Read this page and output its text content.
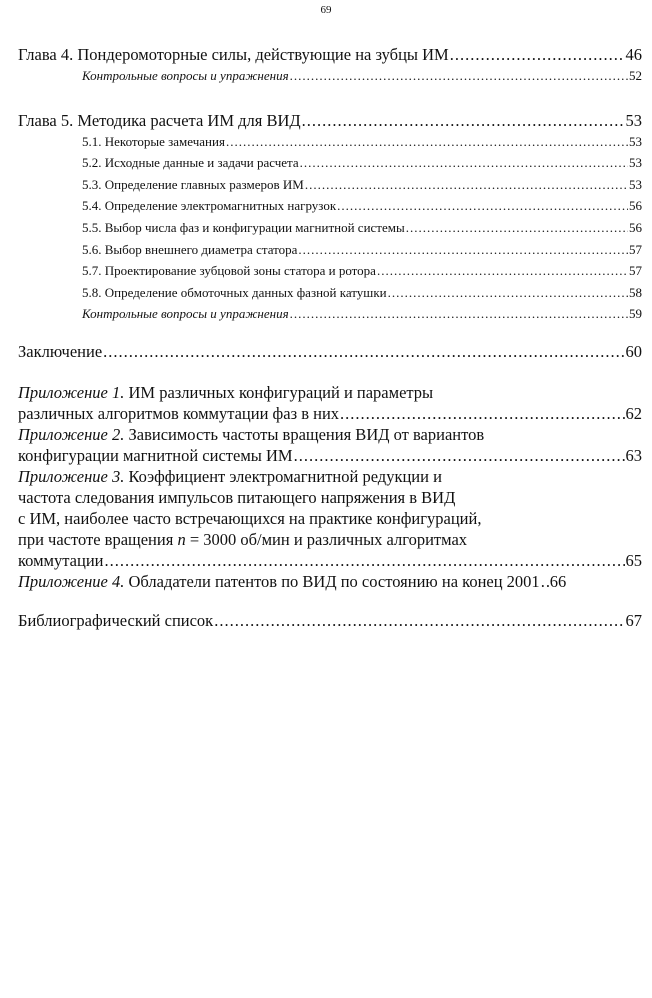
69
Глава 4. Пондеромоторные силы, действующие на зубцы ИМ .....	46
Контрольные вопросы и упражнения .....	52
Глава 5. Методика расчета ИМ для ВИД .....	53
5.1. Некоторые замечания .....	53
5.2. Исходные данные и задачи расчета .....	53
5.3. Определение главных размеров ИМ .....	53
5.4. Определение электромагнитных нагрузок .....	56
5.5. Выбор числа фаз и конфигурации магнитной системы .....	56
5.6. Выбор внешнего диаметра статора .....	57
5.7. Проектирование зубцовой зоны статора и ротора .....	57
5.8. Определение обмоточных данных фазной катушки .....	58
Контрольные вопросы и упражнения .....	59
Заключение .....	60
Приложение 1. ИМ различных конфигураций и параметры
различных алгоритмов коммутации фаз в них .....	62
Приложение 2. Зависимость частоты вращения ВИД от вариантов
конфигурации магнитной системы ИМ .....	63
Приложение 3. Коэффициент электромагнитной редукции и
частота следования импульсов питающего напряжения в ВИД
с ИМ, наиболее часто встречающихся на практике конфигураций,
при частоте вращения n = 3000 об/мин и различных алгоритмах
коммутации .....	65
Приложение 4. Обладатели патентов по ВИД по состоянию на конец 2001 ..... 66
Библиографический список .....	67
